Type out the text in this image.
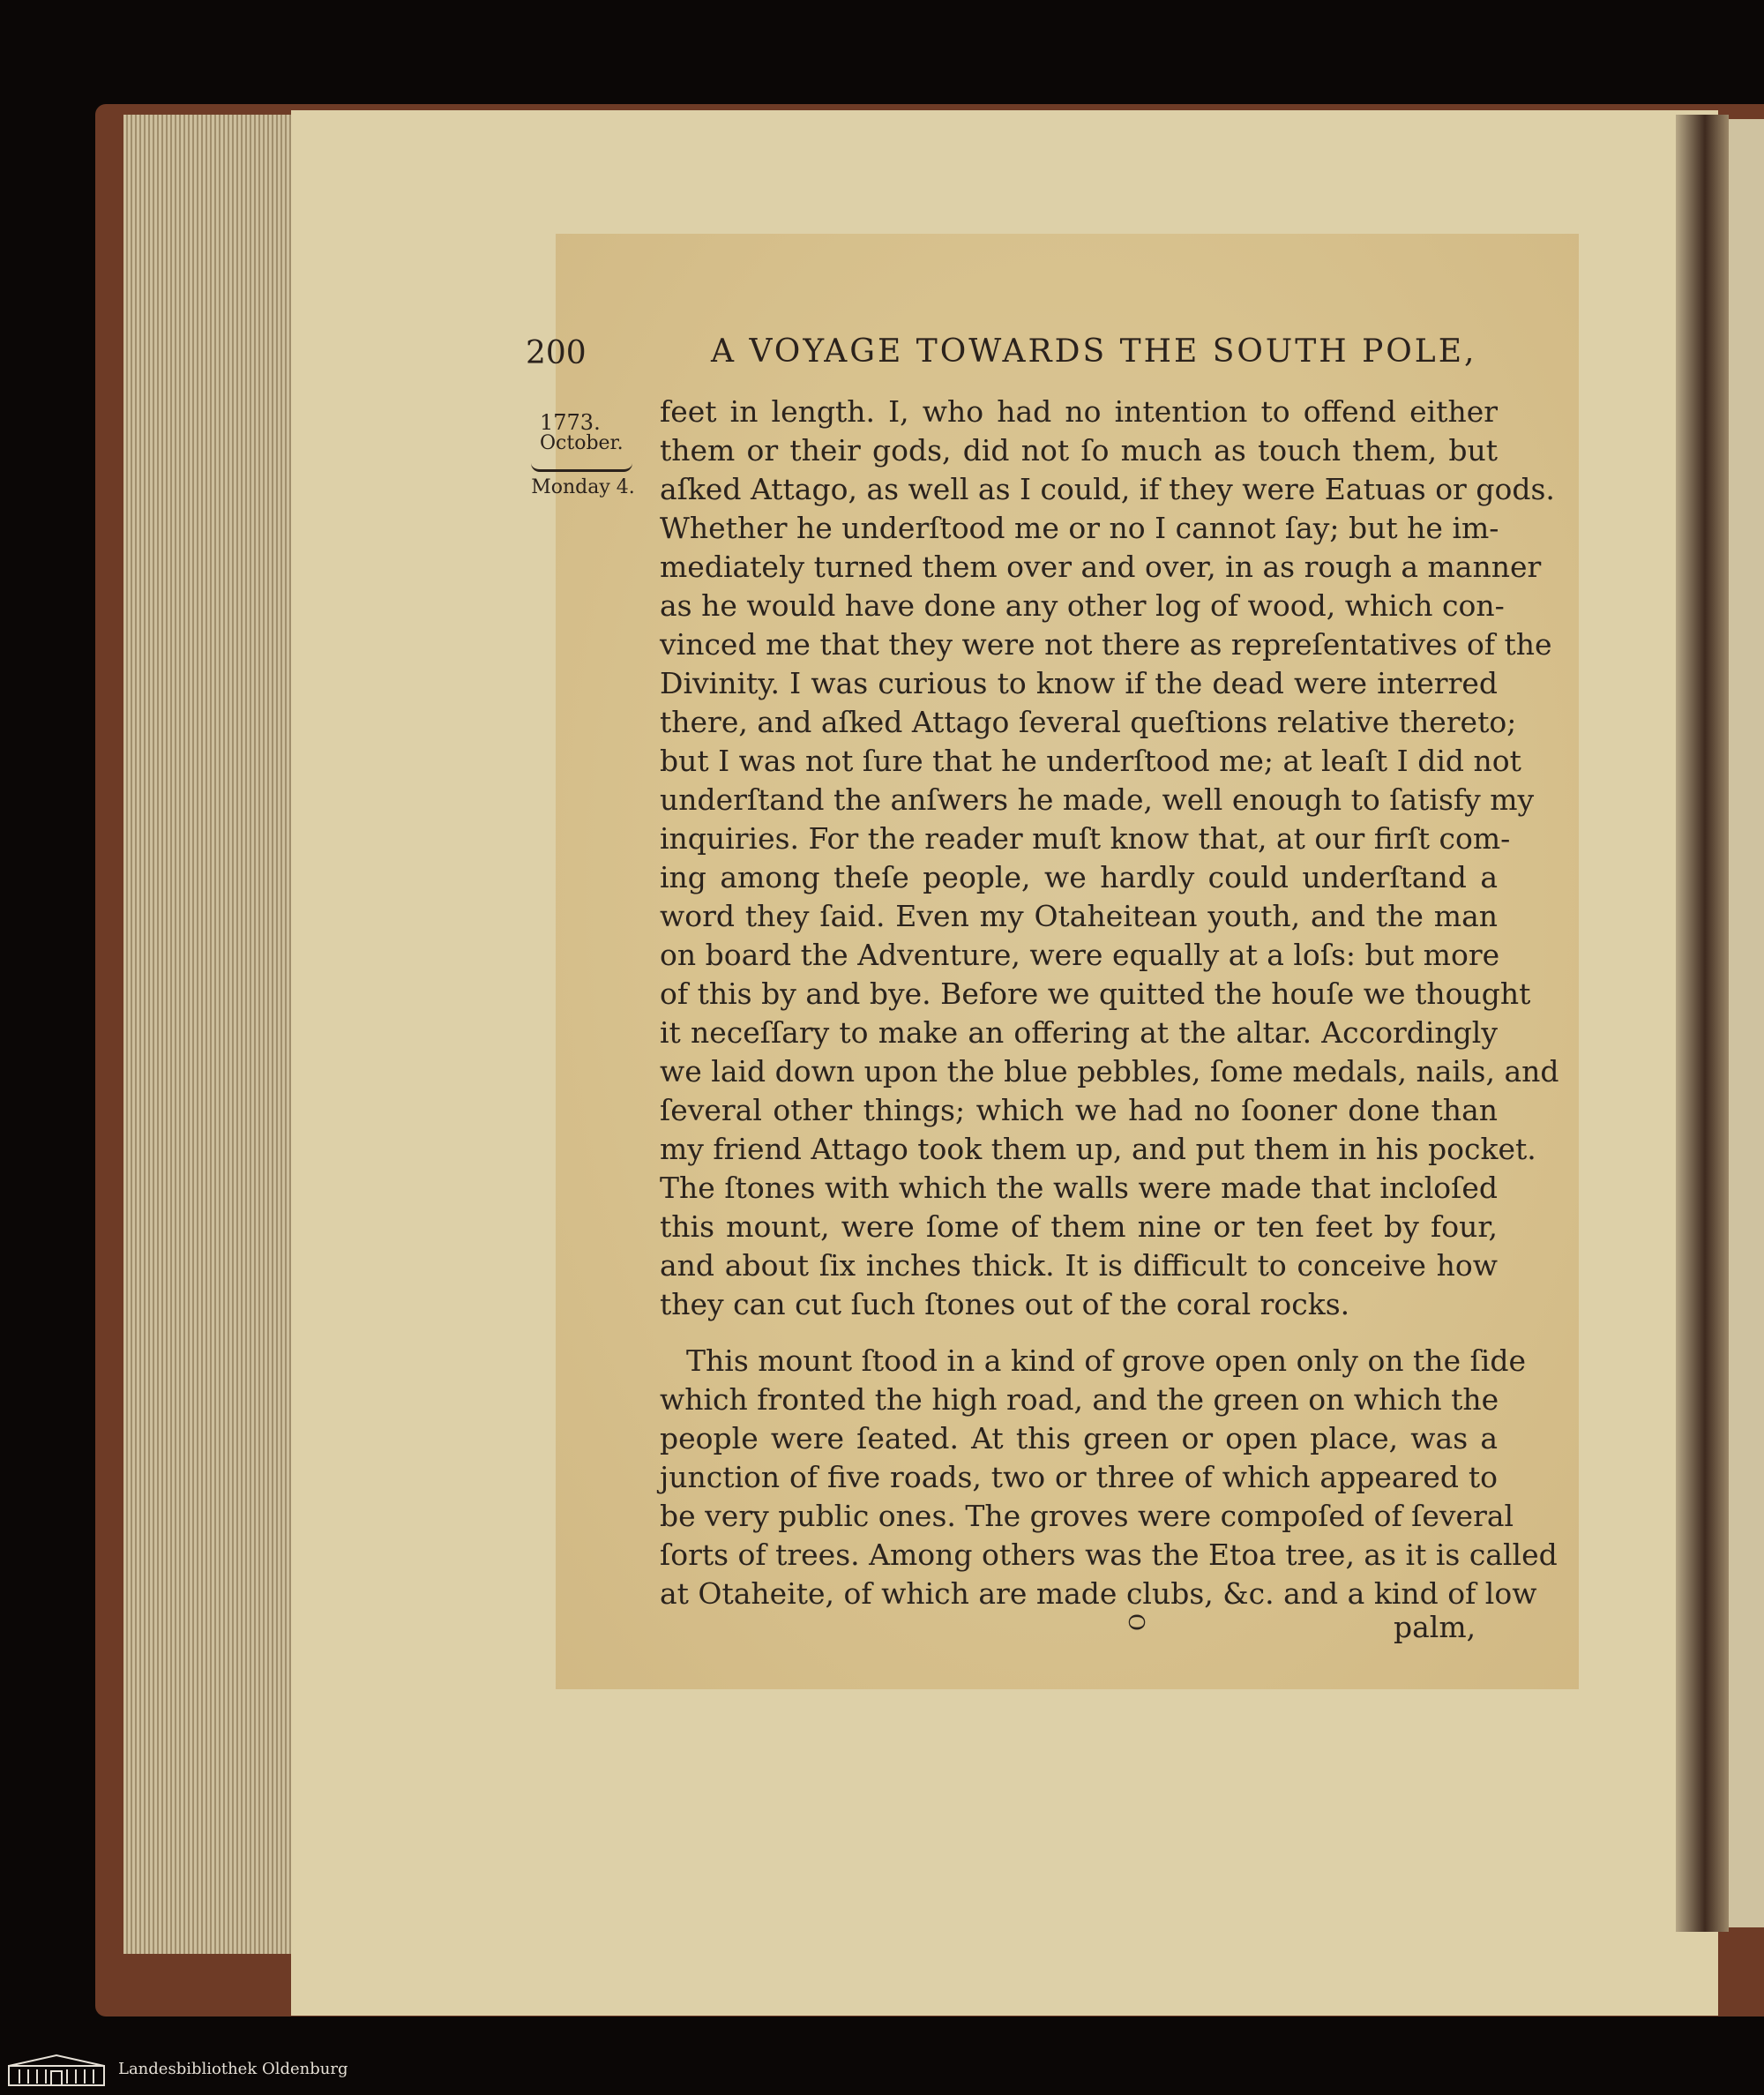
200	A VOYAGE TOWARDS THE SOUTH POLE,
1773.
October.
Monday 4.
feet in length. I, who had no intention to offend either
them or their gods, did not ſo much as touch them, but
aſked Attago, as well as I could, if they were Eatuas or gods.
Whether he underſtood me or no I cannot ſay; but he im-
mediately turned them over and over, in as rough a manner
as he would have done any other log of wood, which con-
vinced me that they were not there as repreſentatives of the
Divinity. I was curious to know if the dead were interred
there, and aſked Attago ſeveral queſtions relative thereto;
but I was not ſure that he underſtood me; at leaſt I did not
underſtand the anſwers he made, well enough to ſatisfy my
inquiries. For the reader muſt know that, at our firſt com-
ing among theſe people, we hardly could underſtand a
word they ſaid. Even my Otaheitean youth, and the man
on board the Adventure, were equally at a loſs: but more
of this by and bye. Before we quitted the houſe we thought
it neceſſary to make an offering at the altar. Accordingly
we laid down upon the blue pebbles, ſome medals, nails, and
ſeveral other things; which we had no ſooner done than
my friend Attago took them up, and put them in his pocket.
The ſtones with which the walls were made that incloſed
this mount, were ſome of them nine or ten feet by four,
and about ſix inches thick. It is difficult to conceive how
they can cut ſuch ſtones out of the coral rocks.
This mount ſtood in a kind of grove open only on the ſide
which fronted the high road, and the green on which the
people were ſeated. At this green or open place, was a
junction of five roads, two or three of which appeared to
be very public ones. The groves were compoſed of ſeveral
ſorts of trees. Among others was the Etoa tree, as it is called
at Otaheite, of which are made clubs, &c. and a kind of low
O	palm,
Landesbibliothek Oldenburg
